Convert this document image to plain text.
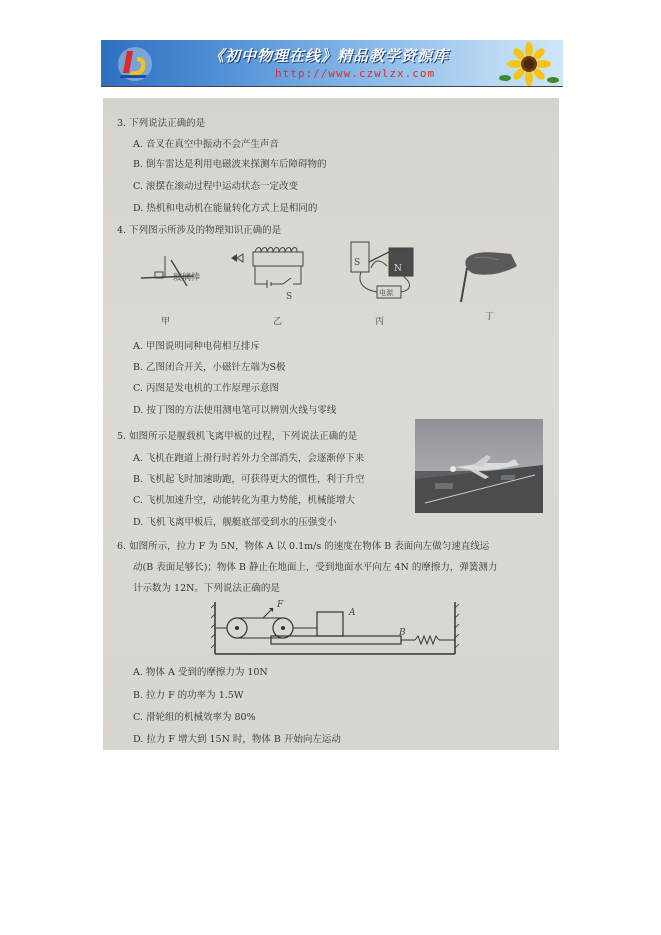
《初中物理在线》精品教学资源库
http://www.czwlzx.com
3. 下列说法正确的是
A. 音叉在真空中振动不会产生声音
B. 倒车雷达是利用电磁波来探测车后障碍物的
C. 滚摆在滚动过程中运动状态一定改变
D. 热机和电动机在能量转化方式上是相同的
4. 下列图示所涉及的物理知识正确的是
玻璃棒
S
S
N
电源
甲	乙	丙	丁
A. 甲图说明同种电荷相互排斥
B. 乙图闭合开关，小磁针左端为S极
C. 丙图是发电机的工作原理示意图
D. 按丁图的方法使用测电笔可以辨别火线与零线
5. 如图所示是舰载机飞离甲板的过程，下列说法正确的是
A. 飞机在跑道上滑行时若外力全部消失，会逐渐停下来
B. 飞机起飞时加速助跑，可获得更大的惯性，利于升空
C. 飞机加速升空，动能转化为重力势能，机械能增大
D. 飞机飞离甲板后，舰艇底部受到水的压强变小
6. 如图所示，拉力 F 为 5N，物体 A 以 0.1m/s 的速度在物体 B 表面向左做匀速直线运
动(B 表面足够长)；物体 B 静止在地面上，受到地面水平向左 4N 的摩擦力，弹簧测力
计示数为 12N。下列说法正确的是
F
A
B
A. 物体 A 受到的摩擦力为 10N
B. 拉力 F 的功率为 1.5W
C. 滑轮组的机械效率为 80%
D. 拉力 F 增大到 15N 时，物体 B 开始向左运动
